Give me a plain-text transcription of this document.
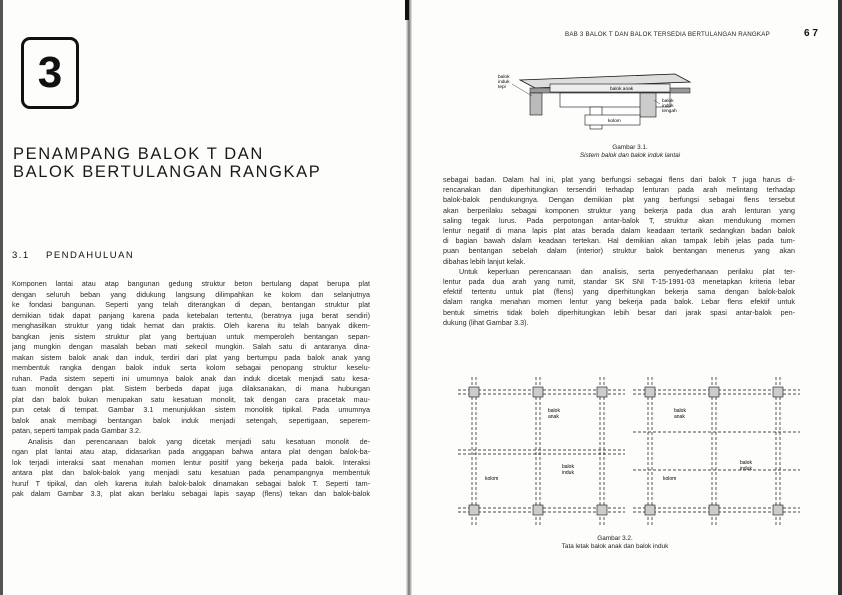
3
PENAMPANG BALOK T DAN
BALOK BERTULANGAN RANGKAP
3.1 PENDAHULUAN

Komponen lantai atau atap bangunan gedung struktur beton bertulang dapat berupa plat

dengan seluruh beban yang didukung langsung dilimpahkan ke kolom dan selanjutnya

ke fondasi bangunan. Seperti yang telah diterangkan di depan, bentangan struktur plat

demikian tidak dapat panjang karena pada ketebalan tertentu, (beratnya juga berat sendiri)

menghasilkan struktur yang tidak hemat dan praktis. Oleh karena itu telah banyak dikem-

bangkan jenis sistem struktur plat yang bertujuan untuk memperoleh bentangan sepan-

jang mungkin dengan masalah beban mati sekecil mungkin. Salah satu di antaranya dina-

makan sistem balok anak dan induk, terdiri dari plat yang bertumpu pada balok anak yang

membentuk rangka dengan balok induk serta kolom sebagai penopang struktur keselu-

ruhan. Pada sistem seperti ini umumnya balok anak dan induk dicetak menjadi satu kesa-

tuan monolit dengan plat. Sistem berbeda dapat juga dilaksanakan, di mana hubungan

plat dan balok bukan merupakan satu kesatuan monolit, tak dengan cara pracetak mau-

pun cetak di tempat. Gambar 3.1 menunjukkan sistem monolitik tipikal. Pada umumnya

balok anak membagi bentangan balok induk menjadi setengah, sepertigaan, seperem-

patan, seperti tampak pada Gambar 3.2.

Analisis dan perencanaan balok yang dicetak menjadi satu kesatuan monolit de-

ngan plat lantai atau atap, didasarkan pada anggapan bahwa antara plat dengan balok-ba-

lok terjadi interaksi saat menahan momen lentur positif yang bekerja pada balok. Interaksi

antara plat dan balok-balok yang menjadi satu kesatuan pada penampangnya membentuk

huruf T tipikal, dan oleh karena itulah balok-balok dinamakan sebagai balok T. Seperti tam-

pak dalam Gambar 3.3, plat akan berlaku sebagai lapis sayap (flens) tekan dan balok-balok

BAB 3 BALOK T DAN BALOK TERSEDIA BERTULANGAN RANGKAP	6 7
balok
induk
tepi	balok anak
balok
induk
tengah
kolom
Gambar 3.1.
Sistem balok dan balok induk lantai

sebagai badan. Dalam hal ini, plat yang berfungsi sebagai flens dari balok T juga harus di-

rencanakan dan diperhitungkan tersendiri terhadap lenturan pada arah melintang terhadap

balok-balok pendukungnya. Dengan demikian plat yang berfungsi sebagai flens tersebut

akan berperilaku sebagai komponen struktur yang bekerja pada dua arah lenturan yang

saling tegak lurus. Pada perpotongan antar-balok T, struktur akan mendukung momen

lentur negatif di mana lapis plat atas berada dalam keadaan tertarik sedangkan badan balok

di bagian bawah dalam keadaan tertekan. Hal demikian akan tampak lebih jelas pada tum-

puan bentangan sebelah dalam (interior) struktur balok bentangan menerus yang akan

dibahas lebih lanjut kelak.

Untuk keperluan perencanaan dan analisis, serta penyederhanaan perilaku plat ter-

lentur pada dua arah yang rumit, standar SK SNI T-15-1991-03 menetapkan kriteria lebar

efektif tertentu untuk plat (flens) yang diperhitungkan bekerja sama dengan balok-balok

dalam rangka menahan momen lentur yang bekerja pada balok. Lebar flens efektif untuk

bentuk simetris tidak boleh diperhitungkan lebih besar dari jarak spasi antar-balok pen-

dukung (lihat Gambar 3.3).

balok
anak
balok
induk
kolom
balok
anak
balok
induk
kolom
Gambar 3.2.
Tata letak balok anak dan balok induk
